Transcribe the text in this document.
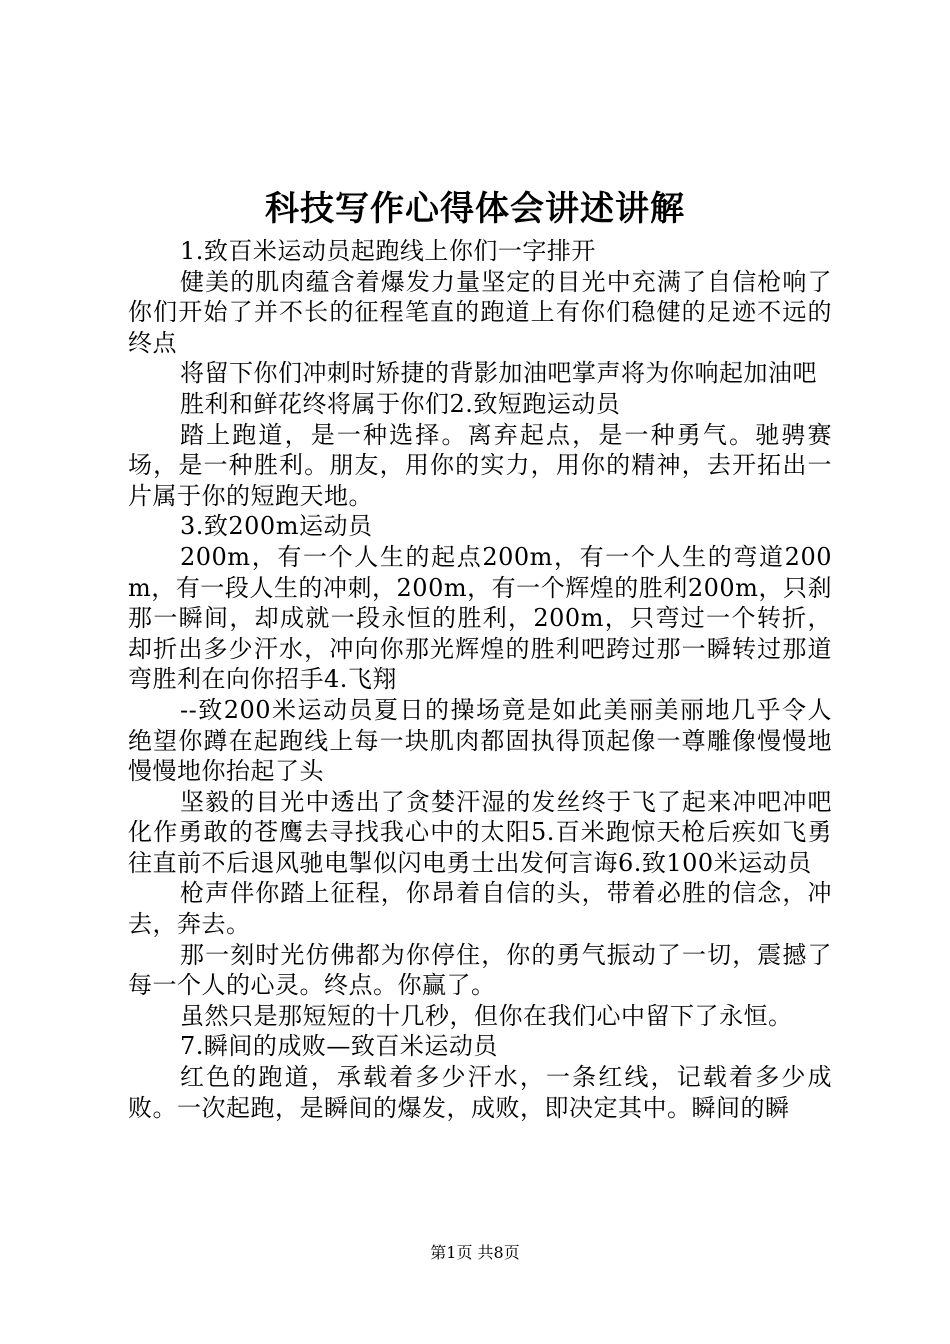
科技写作心得体会讲述讲解

1.致百米运动员起跑线上你们一字排开

健美的肌肉蕴含着爆发力量坚定的目光中充满了自信枪响了你们开始了并不长的征程笔直的跑道上有你们稳健的足迹不远的终点

将留下你们冲刺时矫捷的背影加油吧掌声将为你响起加油吧

胜利和鲜花终将属于你们2.致短跑运动员

踏上跑道，是一种选择。离弃起点，是一种勇气。驰骋赛场，是一种胜利。朋友，用你的实力，用你的精神，去开拓出一片属于你的短跑天地。

3.致200m运动员

200m，有一个人生的起点200m，有一个人生的弯道200m，有一段人生的冲刺，200m，有一个辉煌的胜利200m，只刹那一瞬间，却成就一段永恒的胜利，200m，只弯过一个转折，却折出多少汗水，冲向你那光辉煌的胜利吧跨过那一瞬转过那道弯胜利在向你招手4.飞翔

--致200米运动员夏日的操场竟是如此美丽美丽地几乎令人绝望你蹲在起跑线上每一块肌肉都固执得顶起像一尊雕像慢慢地慢慢地你抬起了头

坚毅的目光中透出了贪婪汗湿的发丝终于飞了起来冲吧冲吧化作勇敢的苍鹰去寻找我心中的太阳5.百米跑惊天枪后疾如飞勇往直前不后退风驰电掣似闪电勇士出发何言诲6.致100米运动员

枪声伴你踏上征程，你昂着自信的头，带着必胜的信念，冲去，奔去。

那一刻时光仿佛都为你停住，你的勇气振动了一切，震撼了每一个人的心灵。终点。你赢了。

虽然只是那短短的十几秒，但你在我们心中留下了永恒。

7.瞬间的成败—致百米运动员

红色的跑道，承载着多少汗水，一条红线，记载着多少成败。一次起跑，是瞬间的爆发，成败，即决定其中。瞬间的瞬

第1页 共8页
